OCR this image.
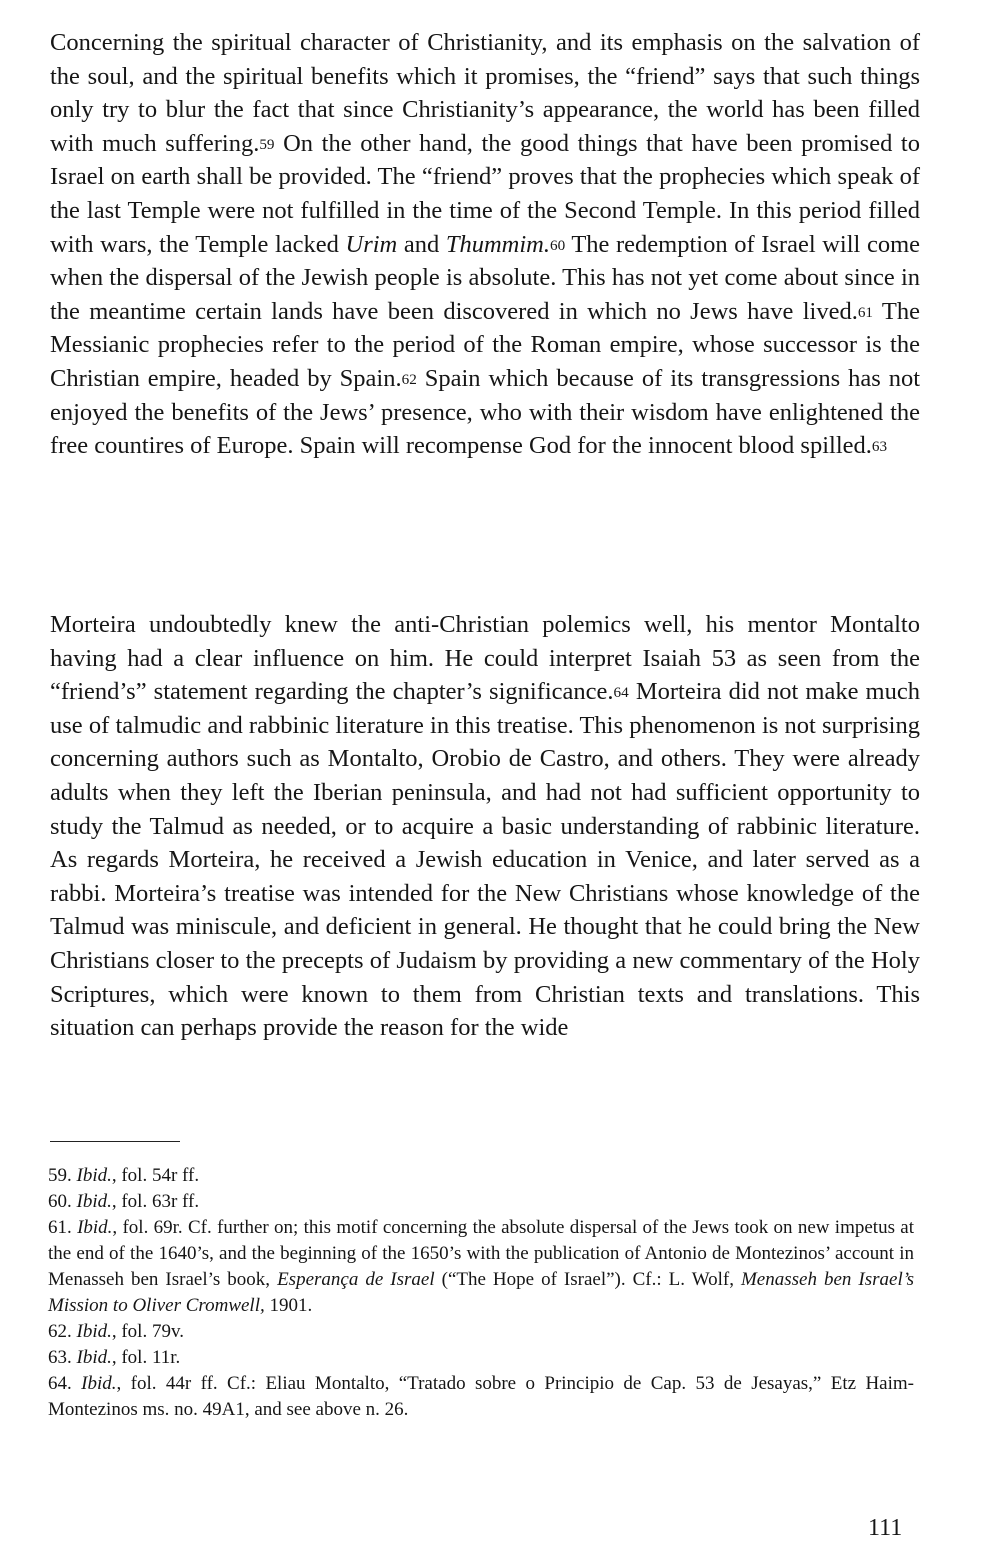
Concerning the spiritual character of Christianity, and its emphasis on the salvation of the soul, and the spiritual benefits which it promises, the “friend” says that such things only try to blur the fact that since Christianity’s appearance, the world has been filled with much suffering.$^{59}$ On the other hand, the good things that have been promised to Israel on earth shall be provided. The “friend” proves that the prophecies which speak of the last Temple were not fulfilled in the time of the Second Temple. In this period filled with wars, the Temple lacked Urim and Thummim.$^{60}$ The redemption of Israel will come when the dispersal of the Jewish people is absolute. This has not yet come about since in the meantime certain lands have been discovered in which no Jews have lived.$^{61}$ The Messianic prophecies refer to the period of the Roman empire, whose successor is the Christian empire, headed by Spain.$^{62}$ Spain which because of its transgressions has not enjoyed the benefits of the Jews’ presence, who with their wisdom have enlightened the free countires of Europe. Spain will recompense God for the innocent blood spilled.$^{63}$

Morteira undoubtedly knew the anti-Christian polemics well, his mentor Montalto having had a clear influence on him. He could interpret Isaiah 53 as seen from the “friend’s” statement regarding the chapter’s significance.$^{64}$ Morteira did not make much use of talmudic and rabbinic literature in this treatise. This phenomenon is not surprising concerning authors such as Montalto, Orobio de Castro, and others. They were already adults when they left the Iberian peninsula, and had not had sufficient opportunity to study the Talmud as needed, or to acquire a basic understanding of rabbinic literature. As regards Morteira, he received a Jewish education in Venice, and later served as a rabbi. Morteira’s treatise was intended for the New Christians whose knowledge of the Talmud was miniscule, and deficient in general. He thought that he could bring the New Christians closer to the precepts of Judaism by providing a new commentary of the Holy Scriptures, which were known to them from Christian texts and translations. This situation can perhaps provide the reason for the wide

59. Ibid., fol. 54r ff.

60. Ibid., fol. 63r ff.

61. Ibid., fol. 69r. Cf. further on; this motif concerning the absolute dispersal of the Jews took on new impetus at the end of the 1640’s, and the beginning of the 1650’s with the publication of Antonio de Montezinos’ account in Menasseh ben Israel’s book, Esperança de Israel (“The Hope of Israel”). Cf.: L. Wolf, Menasseh ben Israel’s Mission to Oliver Cromwell, 1901.

62. Ibid., fol. 79v.

63. Ibid., fol. 11r.

64. Ibid., fol. 44r ff. Cf.: Eliau Montalto, “Tratado sobre o Principio de Cap. 53 de Jesayas,” Etz Haim-Montezinos ms. no. 49A1, and see above n. 26.

111
